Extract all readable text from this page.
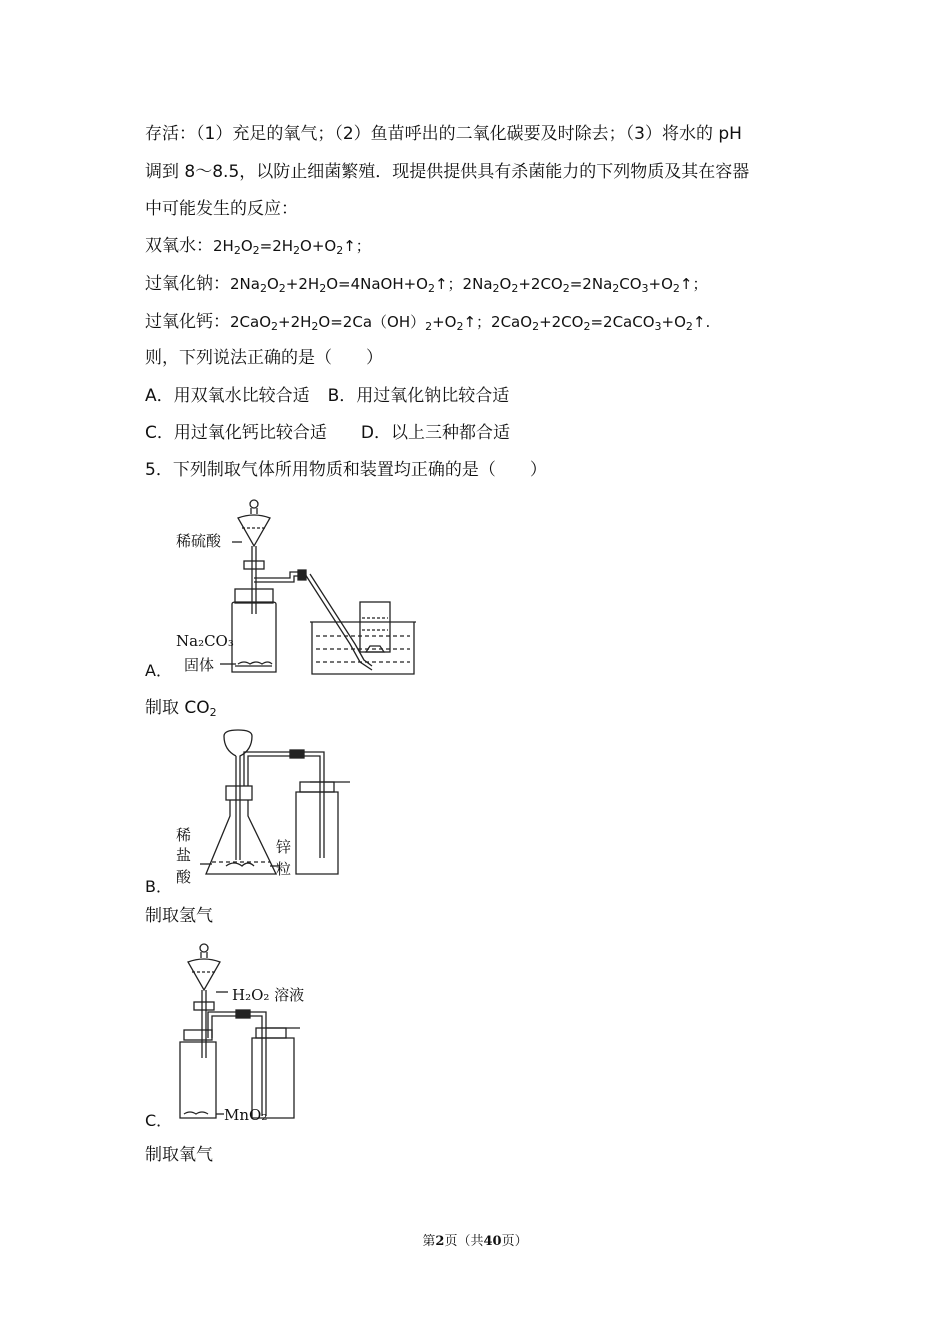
存活：（1）充足的氧气；（2）鱼苗呼出的二氧化碳要及时除去；（3）将水的 pH
调到 8～8.5，以防止细菌繁殖．现提供提供具有杀菌能力的下列物质及其在容器
中可能发生的反应：
双氧水：$2H_2O_2=2H_2O+O_2↑$；
过氧化钠：$2Na_2O_2+2H_2O=4NaOH+O_2↑$；$2Na_2O_2+2CO_2=2Na_2CO_3+O_2↑$；
过氧化钙：$2CaO_2+2H_2O=2Ca(OH)_2+O_2↑$；$2CaO_2+2CO_2=2CaCO_3+O_2↑$.
则，下列说法正确的是（　　）
A．用双氧水比较合适 B．用过氧化钠比较合适
C．用过氧化钙比较合适 D．以上三种都合适
5．下列制取气体所用物质和装置均正确的是（　　）
稀硫酸
Na₂CO₃
固体
A．
制取 $CO_2$
稀
盐
酸
锌
粒
B．
制取氢气
H₂O₂ 溶液
MnO₂
C．
制取氧气
第2页（共40页）
